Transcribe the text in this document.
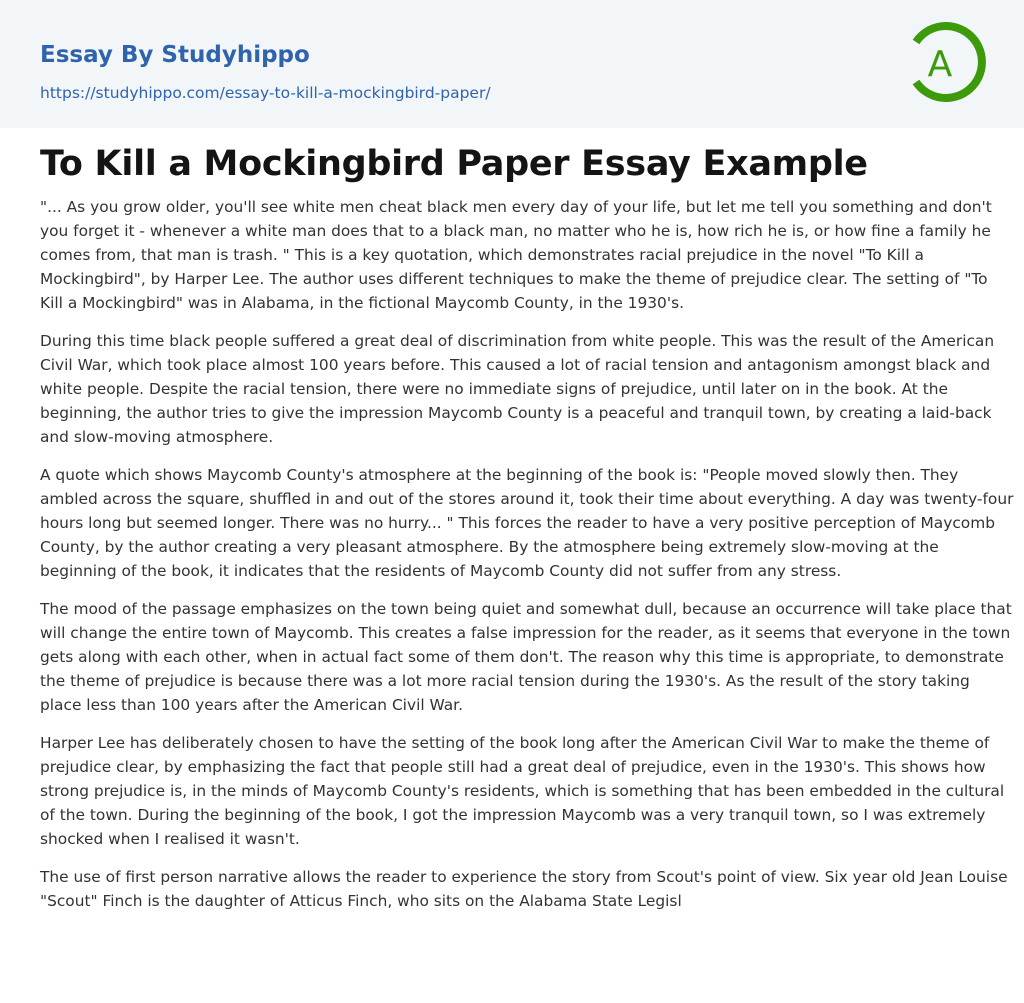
Essay By Studyhippo
https://studyhippo.com/essay-to-kill-a-mockingbird-paper/
A
To Kill a Mockingbird Paper Essay Example

"... As you grow older, you'll see white men cheat black men every day of your life, but let me tell you something and don't you forget it - whenever a white man does that to a black man, no matter who he is, how rich he is, or how fine a family he comes from, that man is trash. " This is a key quotation, which demonstrates racial prejudice in the novel "To Kill a Mockingbird", by Harper Lee. The author uses different techniques to make the theme of prejudice clear. The setting of "To Kill a Mockingbird" was in Alabama, in the fictional Maycomb County, in the 1930's.

During this time black people suffered a great deal of discrimination from white people. This was the result of the American Civil War, which took place almost 100 years before. This caused a lot of racial tension and antagonism amongst black and white people. Despite the racial tension, there were no immediate signs of prejudice, until later on in the book. At the beginning, the author tries to give the impression Maycomb County is a peaceful and tranquil town, by creating a laid-back and slow-moving atmosphere.

A quote which shows Maycomb County's atmosphere at the beginning of the book is: "People moved slowly then. They ambled across the square, shuffled in and out of the stores around it, took their time about everything. A day was twenty-four hours long but seemed longer. There was no hurry... " This forces the reader to have a very positive perception of Maycomb County, by the author creating a very pleasant atmosphere. By the atmosphere being extremely slow-moving at the beginning of the book, it indicates that the residents of Maycomb County did not suffer from any stress.

The mood of the passage emphasizes on the town being quiet and somewhat dull, because an occurrence will take place that will change the entire town of Maycomb. This creates a false impression for the reader, as it seems that everyone in the town gets along with each other, when in actual fact some of them don't. The reason why this time is appropriate, to demonstrate the theme of prejudice is because there was a lot more racial tension during the 1930's. As the result of the story taking place less than 100 years after the American Civil War.

Harper Lee has deliberately chosen to have the setting of the book long after the American Civil War to make the theme of prejudice clear, by emphasizing the fact that people still had a great deal of prejudice, even in the 1930's. This shows how strong prejudice is, in the minds of Maycomb County's residents, which is something that has been embedded in the cultural of the town. During the beginning of the book, I got the impression Maycomb was a very tranquil town, so I was extremely shocked when I realised it wasn't.

The use of first person narrative allows the reader to experience the story from Scout's point of view. Six year old Jean Louise "Scout" Finch is the daughter of Atticus Finch, who sits on the Alabama State Legisl
